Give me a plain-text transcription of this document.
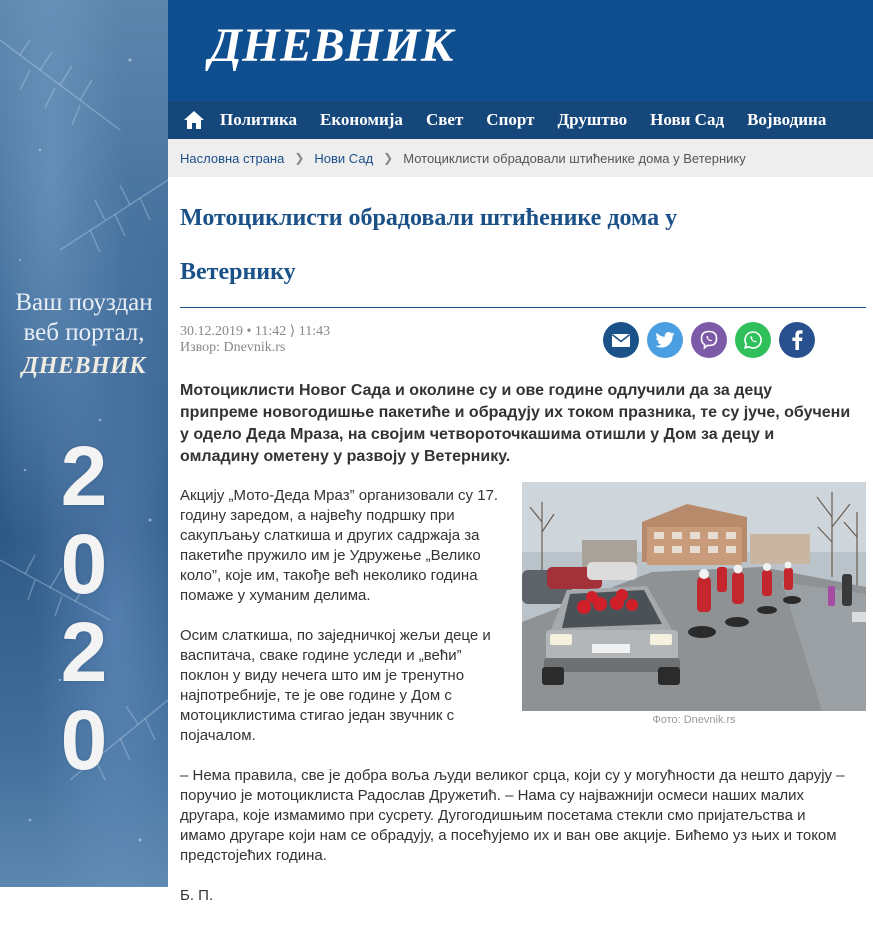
Ваш поуздан
веб портал,
ДНЕВНИК
2
0
2
0
ДНЕВНИК
Политика Економија Свет Спорт Друштво Нови Сад Војводина
Насловна страна ❯ Нови Сад ❯ Мотоциклисти обрадовали штићенике дома у Ветернику
Мотоциклисти обрадовали штићенике дома у
Ветернику
30.12.2019 • 11:42 ⟩ 11:43
Извор: Dnevnik.rs

Мотоциклисти Новог Сада и околине су и ове године одлучили да за децу припреме новогодишње пакетиће и обрадују их током празника, те су јуче, обучени у одело Деда Мраза, на својим четвороточкашима отишли у Дом за децу и омладину ометену у развоју у Ветернику.

Фото: Dnevnik.rs

Акцију „Мото-Деда Мраз” организовали су 17. годину заредом, а највећу подршку при сакупљању слаткиша и других садржаја за пакетиће пружило им је Удружење „Велико коло”, које им, такође већ неколико година помаже у хуманим делима.

Осим слаткиша, по заједничкој жељи деце и васпитача, сваке године уследи и „већи” поклон у виду нечега што им је тренутно најпотребније, те је ове године у Дом с мотоциклистима стигао један звучник с појачалом.

– Нема правила, све је добра воља људи великог срца, који су у могућности да нешто дарују – поручио је мотоциклиста Радослав Дружетић. – Нама су најважнији осмеси наших малих другара, које измамимо при сусрету. Дугогодишњим посетама стекли смо пријатељства и имамо другаре који нам се обрадују, а посећујемо их и ван ове акције. Бићемо уз њих и током предстојећих година.

Б. П.
